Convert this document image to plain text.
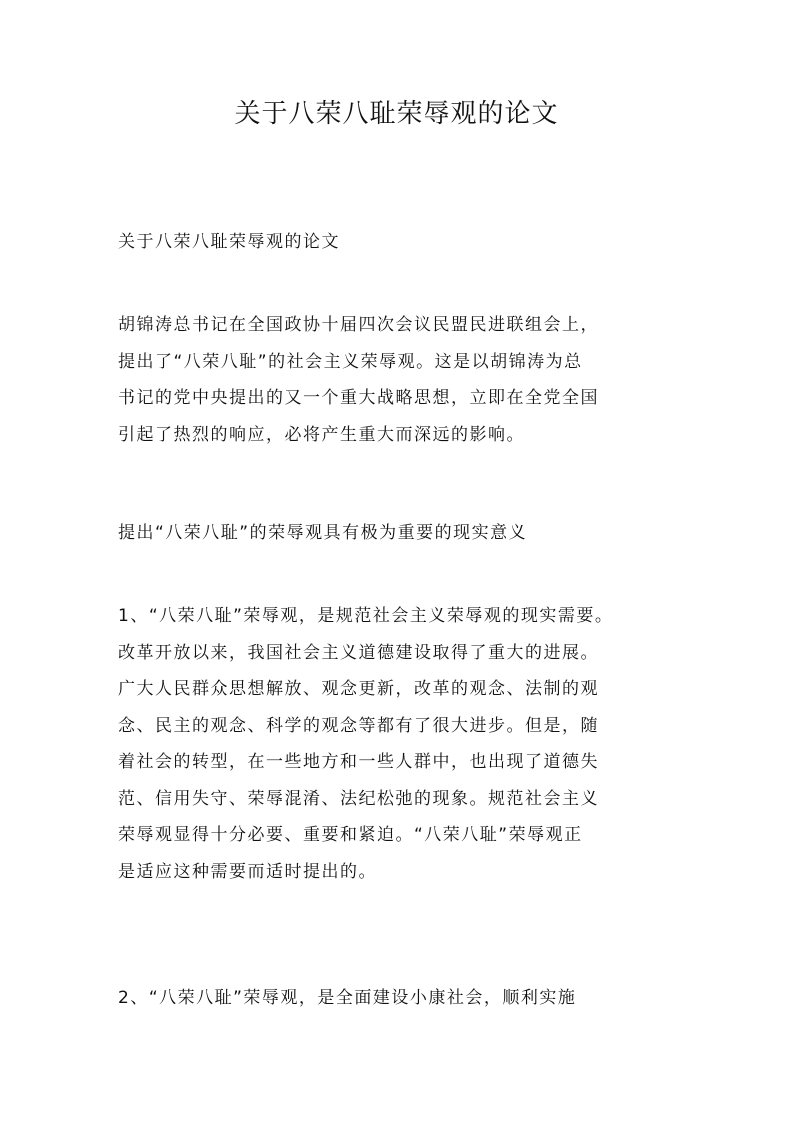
关于八荣八耻荣辱观的论文
关于八荣八耻荣辱观的论文
胡锦涛总书记在全国政协十届四次会议民盟民进联组会上，
提出了“八荣八耻”的社会主义荣辱观。这是以胡锦涛为总
书记的党中央提出的又一个重大战略思想，立即在全党全国
引起了热烈的响应，必将产生重大而深远的影响。
提出“八荣八耻”的荣辱观具有极为重要的现实意义
1、“八荣八耻”荣辱观，是规范社会主义荣辱观的现实需要。
改革开放以来，我国社会主义道德建设取得了重大的进展。
广大人民群众思想解放、观念更新，改革的观念、法制的观
念、民主的观念、科学的观念等都有了很大进步。但是，随
着社会的转型，在一些地方和一些人群中，也出现了道德失
范、信用失守、荣辱混淆、法纪松弛的现象。规范社会主义
荣辱观显得十分必要、重要和紧迫。“八荣八耻”荣辱观正
是适应这种需要而适时提出的。
2、“八荣八耻”荣辱观，是全面建设小康社会，顺利实施
